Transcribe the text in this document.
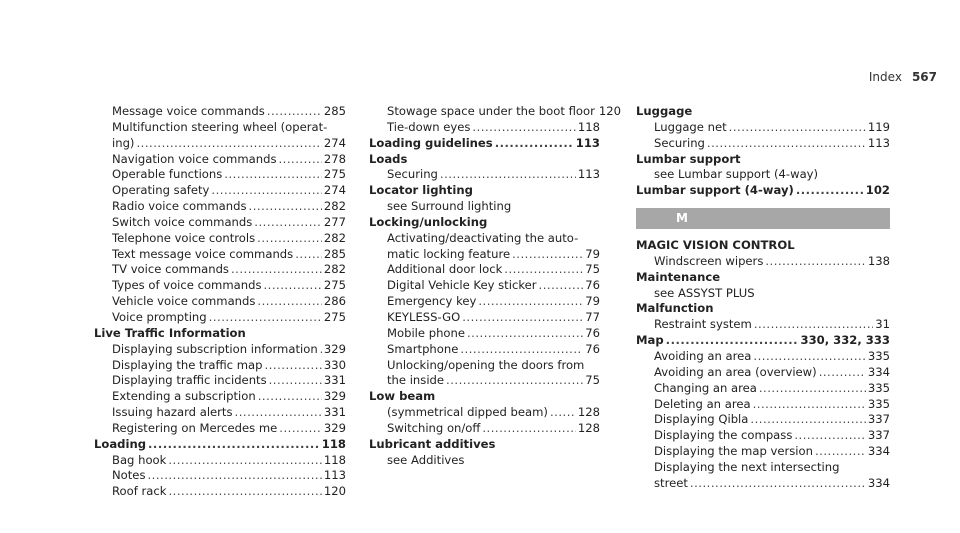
Index 567
Message voice commands .....	285
Multifunction steering wheel (operat-
ing) .....	274
Navigation voice commands .....	278
Operable functions .....	275
Operating safety .....	274
Radio voice commands .....	282
Switch voice commands .....	277
Telephone voice controls .....	282
Text message voice commands .....	285
TV voice commands .....	282
Types of voice commands .....	275
Vehicle voice commands .....	286
Voice prompting .....	275
Live Traffic Information
Displaying subscription information ..... 329
Displaying the traffic map .....	330
Displaying traffic incidents .....	331
Extending a subscription .....	329
Issuing hazard alerts .....	331
Registering on Mercedes me .....	329
Loading .....	118
Bag hook .....	118
Notes .....	113
Roof rack .....	120
Stowage space under the boot floor 120
Tie-down eyes .....	118
Loading guidelines .....	113
Loads
Securing .....	113
Locator lighting
see Surround lighting
Locking/unlocking
Activating/deactivating the auto-
matic locking feature .....	79
Additional door lock .....	75
Digital Vehicle Key sticker .....	76
Emergency key .....	79
KEYLESS-GO .....	77
Mobile phone .....	76
Smartphone .....	76
Unlocking/opening the doors from
the inside .....	75
Low beam
(symmetrical dipped beam) .....	128
Switching on/off .....	128
Lubricant additives
see Additives
Luggage
Luggage net .....	119
Securing .....	113
Lumbar support
see Lumbar support (4-way)
Lumbar support (4-way) .....	102
M
MAGIC VISION CONTROL
Windscreen wipers .....	138
Maintenance
see ASSYST PLUS
Malfunction
Restraint system .....	31
Map .....	330, 332, 333
Avoiding an area .....	335
Avoiding an area (overview) .....	334
Changing an area .....	335
Deleting an area .....	335
Displaying Qibla .....	337
Displaying the compass .....	337
Displaying the map version .....	334
Displaying the next intersecting
street .....	334
